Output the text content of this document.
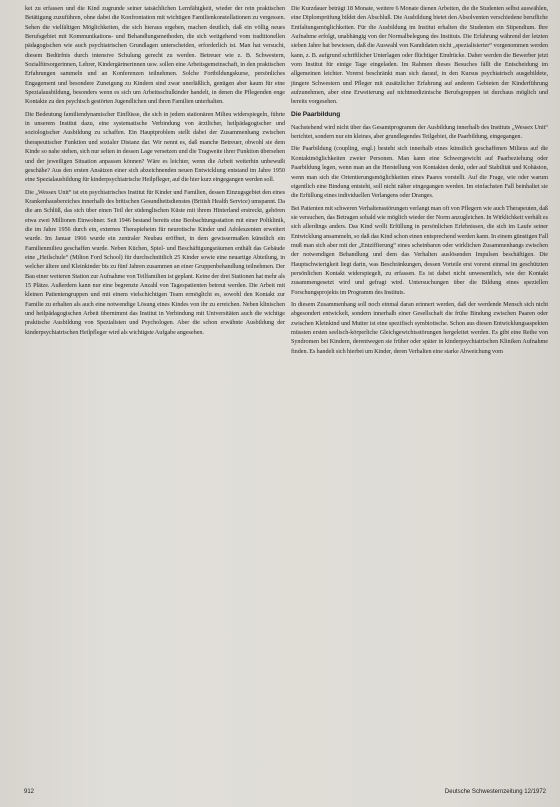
kei zu erfassen und die Kind zugrunde seiner tatsächlichen Lernfähigkeit, wieder der rein praktischen Betätigung zuzuführen, ohne dabei die Konfrontation mit wichtigen Familienkonstellationen zu vergessen. Sehen die vielfältigen Möglichkeiten, die sich hieraus ergeben, machen deutlich, daß ein völlig neues Berufsgebiet mit Kommunikations- und Behandlungsmethoden, die sich weitgehend vom traditionellen pädagogischen wie auch psychiatrischen Grundlagen unterscheiden, erforderlich ist. Man hat versucht, diesem Bedürfnis durch intensive Schulung gerecht zu werden. Betreuer wie z. B. Schwestern, Sozialfürsorgerinnen, Lehrer, Kindergärtnerinnen usw. sollen eine Arbeitsgemeinschaft, in den praktischen Erfahrungen sammeln und an Konferenzen teilnehmen. Solche Fortbildungskurse, persönliches Engagement und besondere Zuneigung zu Kindern sind zwar unerläßlich, genügen aber kaum für eine Spezialausbildung, besonders wenn es sich um Arbeitsschulkinder handelt, in denen die Pflegenden enge Kontakte zu den psychisch gestörten Jugendlichen und ihren Familien unterhalten.

Die Bedeutung familiendynamischer Einflüsse, die sich in jedem stationären Milieu widerspiegeln, führte in unserem Institut dazu, eine systematische Verbindung von ärztlicher, heilpädagogischer und soziologischer Ausbildung zu schaffen. Ein Hauptproblem stellt dabei der Zusammenhang zwischen therapeutischer Funktion und sozialer Distanz dar. Wir nennt es, daß manche Betreuer, obwohl sie dem Kinde so nahe stehen, sich nur selten in dessen Lage versetzen und die Tragweite ihrer Funktion übersehen und der jeweiligen Situation anpassen können? Wäre es leichter, wenn die Arbeit weiterhin unbewußt geschähe? Aus den ersten Ansätzen einer sich abzeichnenden neuen Entwicklung entstand im Jahre 1950 eine Spezialausbildung für kinderpsychiatrische Heilpfleger, auf die hier kurz eingegangen werden soll.

Die „Wessex Unit“ ist ein psychiatrisches Institut für Kinder und Familien, dessen Einzugsgebiet den eines Krankenhausbereiches innerhalb des britischen Gesundheitsdienstes (British Health Service) umspannt. Da die am Schlüß, das sich über einen Teil der südenglischen Küste mit ihrem Hinterland erstreckt, gehören etwa zwei Millionen Einwohner. Seit 1946 bestand bereits eine Beobachtungsstation mit einer Poliklinik, die im Jahre 1956 durch ein, externes Therapieheim für neurotische Kinder und Adoleszenten erweitert wurde. Im Januar 1966 wurde ein zentraler Neubau eröffnet, in dem gewissermaßen künstlich ein Familienmilieu geschaffen wurde. Neben Küchen, Spiel- und Beschäftigungsräumen enthält das Gebäude eine „Heilschule“ (Milton Ford School) für durchschnittlich 25 Kinder sowie eine neuartige Abteilung, in welcher ältere und Kleinkinder bis zu fünf Jahren zusammen an einer Gruppenbehandlung teilnehmen. Der Bau einer weiteren Station zur Aufnahme von Teilfamilien ist geplant. Keine der drei Stationen hat mehr als 15 Plätze. Außerdem kann nur eine begrenzte Anzahl von Tagespatienten betreut werden. Die Arbeit mit kleinen Patientengruppen und mit einem vielschichtigen Team ermöglicht es, sowohl den Kontakt zur Familie zu erhalten als auch eine notwendige Lösung eines Kindes von ihr zu erreichen. Neben klinischen und heilpädagogischen Arbeit übernimmt das Institut in Verbindung mit Universitäten auch die wichtige praktische Ausbildung von Spezialisten und Psychologen. Aber die schon erwähnte Ausbildung der kinderpsychiatrischen Heilpfleger wird als wichtigste Aufgabe angesehen.

Die Kurzdauer beträgt 18 Monate, weitere 6 Monate dienen Arbeiten, die die Studenten selbst auswählen, eine Diplomprüfung bildet den Abschluß. Die Ausbildung bietet den Absolventen verschiedene berufliche Entfaltungsmöglichkeiten. Für die Ausbildung im Institut erhalten die Studenten ein Stipendium. Ihre Aufnahme erfolgt, unabhängig von der Normalbelegung des Instituts. Die Erfahrung während der letzten sieben Jahre hat bewiesen, daß die Auswahl von Kandidaten nicht „spezialisierter“ vorgenommen werden kann, z. B. aufgrund schriftlicher Unterlagen oder flüchtiger Eindrücke. Daher werden die Bewerber jetzt vom Institut für einige Tage eingeladen. Im Rahmen dieses Besuches fällt die Entscheidung im allgemeinen leichter. Vorerst beschränkt man sich darauf, in den Kursus psychiatrisch ausgebildete, jüngere Schwestern und Pfleger mit zusätzlicher Erfahrung auf anderen Gebieten der Kinderführung aufzunehmen, aber eine Erweiterung auf nichtmedizinische Berufsgruppen ist durchaus möglich und bereits vorgesehen.

Die Paarbildung

Nachstehend wird nicht über das Gesamtprogramm der Ausbildung innerhalb des Instituts „Wessex Unit“ berichtet, sondern nur ein kleines, aber grundlegendes Teilgebiet, die Paarbildung, eingegangen.

Die Paarbildung (coupling, engl.) besteht sich innerhalb eines künstlich geschaffenen Milieus auf die Kontaktmöglichkeiten zweier Personen. Man kann eine Schwergewicht auf Paarbeziehung oder Paarbildung legen, wenn man an die Herstellung von Kontakten denkt, oder auf Stabilität und Kohäsion, wenn man sich die Orientierungsmöglichkeiten eines Paares vorstellt. Auf die Frage, wie oder warum eigentlich eine Bindung entsteht, soll nicht näher eingegangen werden. Im einfachsten Fall beinhaltet sie die Erfüllung eines individuellen Verlangens oder Dranges.

Bei Patienten mit schweren Verhaltensstörungen verlangt man oft von Pflegern wie auch Therapeuten, daß sie versuchen, das Betragen sobald wie möglich wieder der Norm anzugleichen. In Wirklichkeit verhält es sich allerdings anders. Das Kind wollt Erfüllung in persönlichen Erlebnissen, die sich im Laufe seiner Entwicklung ansammeln, so daß das Kind schon einen entsprechend werden kann. In einem günstigen Fall muß man sich aber mit der „Entziffierung“ eines scheinbaren oder wirklichen Zusammenhangs zwischen der notwendigen Behandlung und dem das Verhalten auslösenden Impulsen beschäftigen. Die Hauptschwierigkeit liegt darin, was Beschränkungen, dessen Vorteile erst vorerst einmal im geschützten persönlichen Kontakt widerspiegelt, zu erfassen. Es ist dabei nicht unwesentlich, wie der Kontakt zusammengesetzt wird und gefragt wird. Untersuchungen über die Bildung eines speziellen Forschungsprojekts im Programm des Instituts.

In diesem Zusammenhang soll noch einmal daran erinnert werden, daß der werdende Mensch sich nicht abgesondert entwickelt, sondern innerhalb einer Gesellschaft die frühe Bindung zwischen Paaren oder zwischen Kleinkind und Mutter ist eine spezifisch symbiotische. Schon aus diesen Entwicklungsaspekten müssten ersten seelisch-körperliche Gleichgewichtsstörungen hergeleitet werden. Es gibt eine Reihe von Syndromen bei Kindern, derentwegen sie früher oder später in kinderpsychiatrischen Kliniken Aufnahme finden. Es handelt sich hierbei um Kinder, deren Verhalten eine starke Abweichung vom

912	Deutsche Schwesternzeitung 12/1972
